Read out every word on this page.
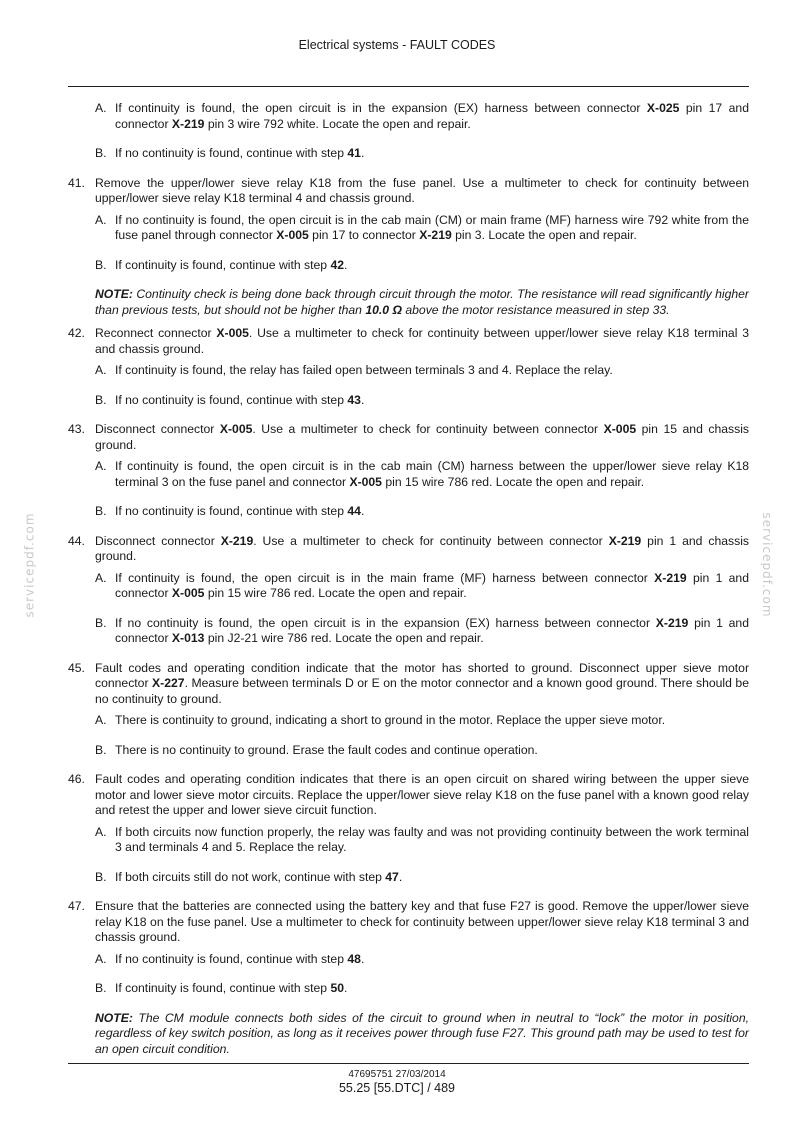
Electrical systems - FAULT CODES
servicepdf.com	servicepdf.com
A. If continuity is found, the open circuit is in the expansion (EX) harness between connector X-025 pin 17 and connector X-219 pin 3 wire 792 white. Locate the open and repair.
B. If no continuity is found, continue with step 41.
41. Remove the upper/lower sieve relay K18 from the fuse panel. Use a multimeter to check for continuity between upper/lower sieve relay K18 terminal 4 and chassis ground.
A. If no continuity is found, the open circuit is in the cab main (CM) or main frame (MF) harness wire 792 white from the fuse panel through connector X-005 pin 17 to connector X-219 pin 3. Locate the open and repair.
B. If continuity is found, continue with step 42.
NOTE: Continuity check is being done back through circuit through the motor. The resistance will read significantly higher than previous tests, but should not be higher than 10.0 Ω above the motor resistance measured in step 33.
42. Reconnect connector X-005. Use a multimeter to check for continuity between upper/lower sieve relay K18 terminal 3 and chassis ground.
A. If continuity is found, the relay has failed open between terminals 3 and 4. Replace the relay.
B. If no continuity is found, continue with step 43.
43. Disconnect connector X-005. Use a multimeter to check for continuity between connector X-005 pin 15 and chassis ground.
A. If continuity is found, the open circuit is in the cab main (CM) harness between the upper/lower sieve relay K18 terminal 3 on the fuse panel and connector X-005 pin 15 wire 786 red. Locate the open and repair.
B. If no continuity is found, continue with step 44.
44. Disconnect connector X-219. Use a multimeter to check for continuity between connector X-219 pin 1 and chassis ground.
A. If continuity is found, the open circuit is in the main frame (MF) harness between connector X-219 pin 1 and connector X-005 pin 15 wire 786 red. Locate the open and repair.
B. If no continuity is found, the open circuit is in the expansion (EX) harness between connector X-219 pin 1 and connector X-013 pin J2-21 wire 786 red. Locate the open and repair.
45. Fault codes and operating condition indicate that the motor has shorted to ground. Disconnect upper sieve motor connector X-227. Measure between terminals D or E on the motor connector and a known good ground. There should be no continuity to ground.
A. There is continuity to ground, indicating a short to ground in the motor. Replace the upper sieve motor.
B. There is no continuity to ground. Erase the fault codes and continue operation.
46. Fault codes and operating condition indicates that there is an open circuit on shared wiring between the upper sieve motor and lower sieve motor circuits. Replace the upper/lower sieve relay K18 on the fuse panel with a known good relay and retest the upper and lower sieve circuit function.
A. If both circuits now function properly, the relay was faulty and was not providing continuity between the work terminal 3 and terminals 4 and 5. Replace the relay.
B. If both circuits still do not work, continue with step 47.
47. Ensure that the batteries are connected using the battery key and that fuse F27 is good. Remove the upper/lower sieve relay K18 on the fuse panel. Use a multimeter to check for continuity between upper/lower sieve relay K18 terminal 3 and chassis ground.
A. If no continuity is found, continue with step 48.
B. If continuity is found, continue with step 50.
NOTE: The CM module connects both sides of the circuit to ground when in neutral to “lock” the motor in position, regardless of key switch position, as long as it receives power through fuse F27. This ground path may be used to test for an open circuit condition.
47695751 27/03/2014
55.25 [55.DTC] / 489
